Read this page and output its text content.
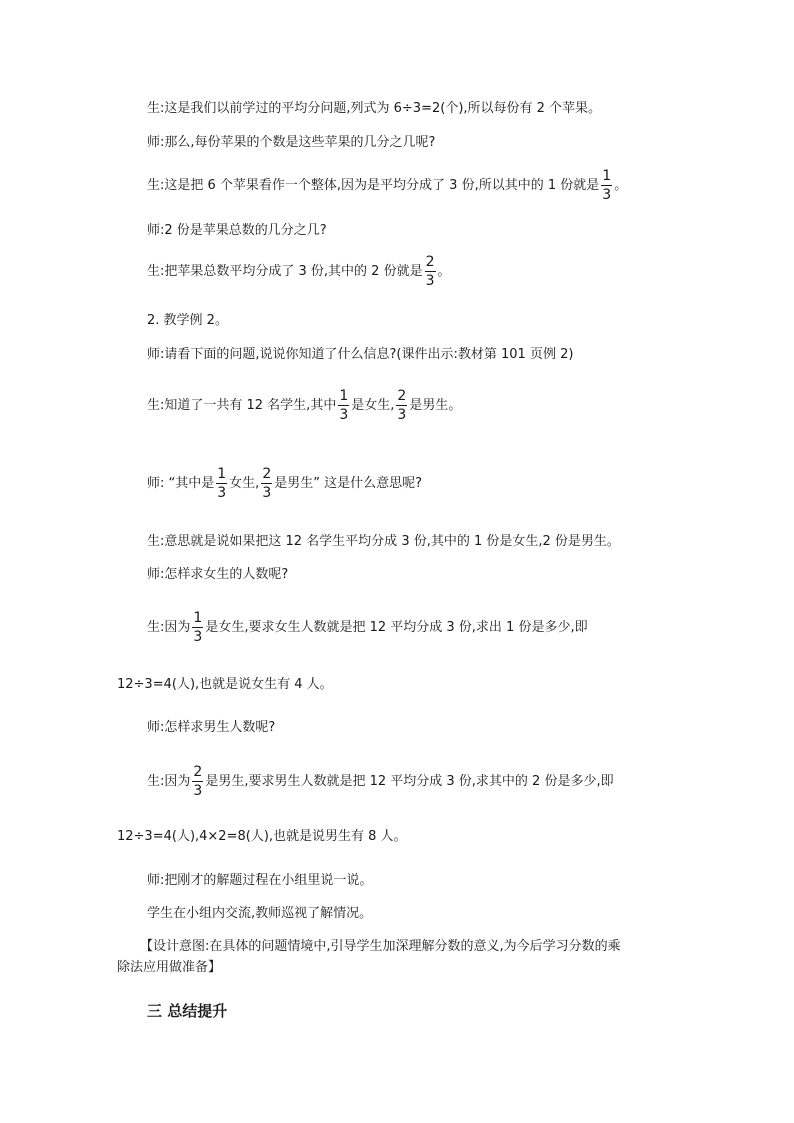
生:这是我们以前学过的平均分问题,列式为 6÷3=2(个),所以每份有 2 个苹果。
师:那么,每份苹果的个数是这些苹果的几分之几呢?
生:这是把 6 个苹果看作一个整体,因为是平均分成了 3 份,所以其中的 1 份就是 $\frac{1}{3}$ 。
师:2 份是苹果总数的几分之几?
生:把苹果总数平均分成了 3 份,其中的 2 份就是 $\frac{2}{3}$ 。
2. 教学例 2。
师:请看下面的问题,说说你知道了什么信息?(课件出示:教材第 101 页例 2)
生:知道了一共有 12 名学生,其中 $\frac{1}{3}$ 是女生, $\frac{2}{3}$ 是男生。
师: “其中是 $\frac{1}{3}$ 女生, $\frac{2}{3}$ 是男生” 这是什么意思呢?
生:意思就是说如果把这 12 名学生平均分成 3 份,其中的 1 份是女生,2 份是男生。
师:怎样求女生的人数呢?
生:因为 $\frac{1}{3}$ 是女生,要求女生人数就是把 12 平均分成 3 份,求出 1 份是多少,即
12÷3=4(人),也就是说女生有 4 人。
师:怎样求男生人数呢?
生:因为 $\frac{2}{3}$ 是男生,要求男生人数就是把 12 平均分成 3 份,求其中的 2 份是多少,即
12÷3=4(人),4×2=8(人),也就是说男生有 8 人。
师:把刚才的解题过程在小组里说一说。
学生在小组内交流,教师巡视了解情况。
【设计意图:在具体的问题情境中,引导学生加深理解分数的意义,为今后学习分数的乘
除法应用做准备】
三 总结提升
